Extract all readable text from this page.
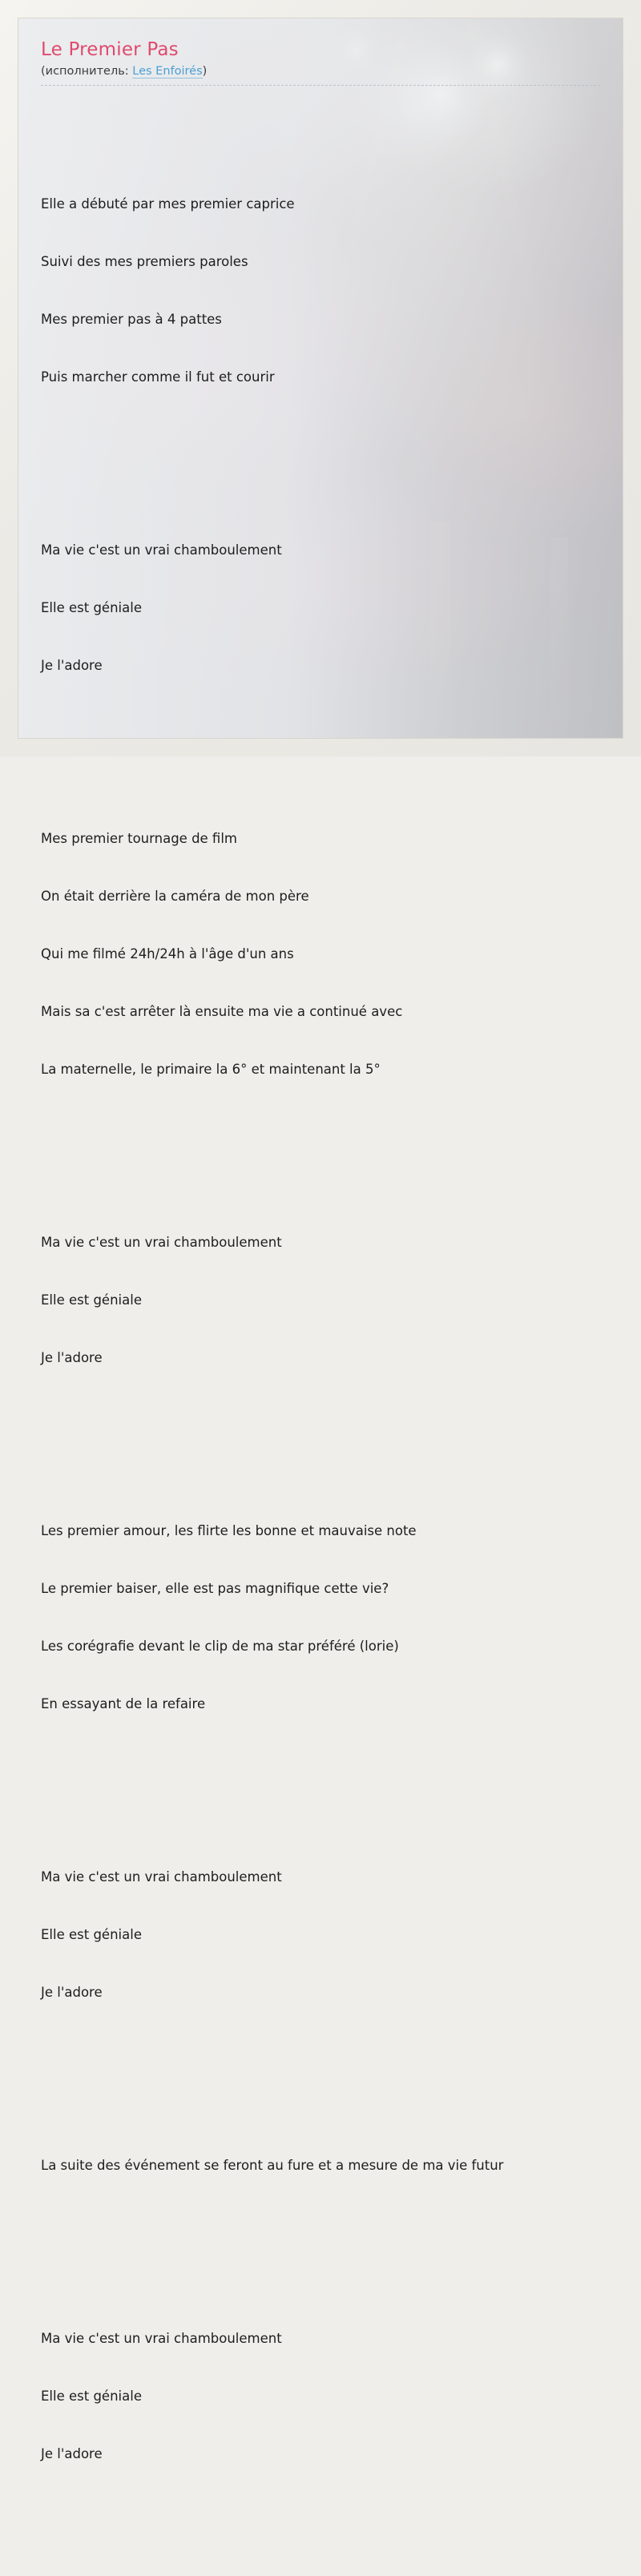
Le Premier Pas

(исполнитель: Les Enfoirés)

Elle a débuté par mes premier caprice

Suivi des mes premiers paroles

Mes premier pas à 4 pattes

Puis marcher comme il fut et courir

Ma vie c'est un vrai chamboulement

Elle est géniale

Je l'adore

Mes premier tournage de film

On était derrière la caméra de mon père

Qui me filmé 24h/24h à l'âge d'un ans

Mais sa c'est arrêter là ensuite ma vie a continué avec

La maternelle, le primaire la 6° et maintenant la 5°

Ma vie c'est un vrai chamboulement

Elle est géniale

Je l'adore

Les premier amour, les flirte les bonne et mauvaise note

Le premier baiser, elle est pas magnifique cette vie?

Les corégrafie devant le clip de ma star préféré (lorie)

En essayant de la refaire

Ma vie c'est un vrai chamboulement

Elle est géniale

Je l'adore

La suite des événement se feront au fure et a mesure de ma vie futur

Ma vie c'est un vrai chamboulement

Elle est géniale

Je l'adore
